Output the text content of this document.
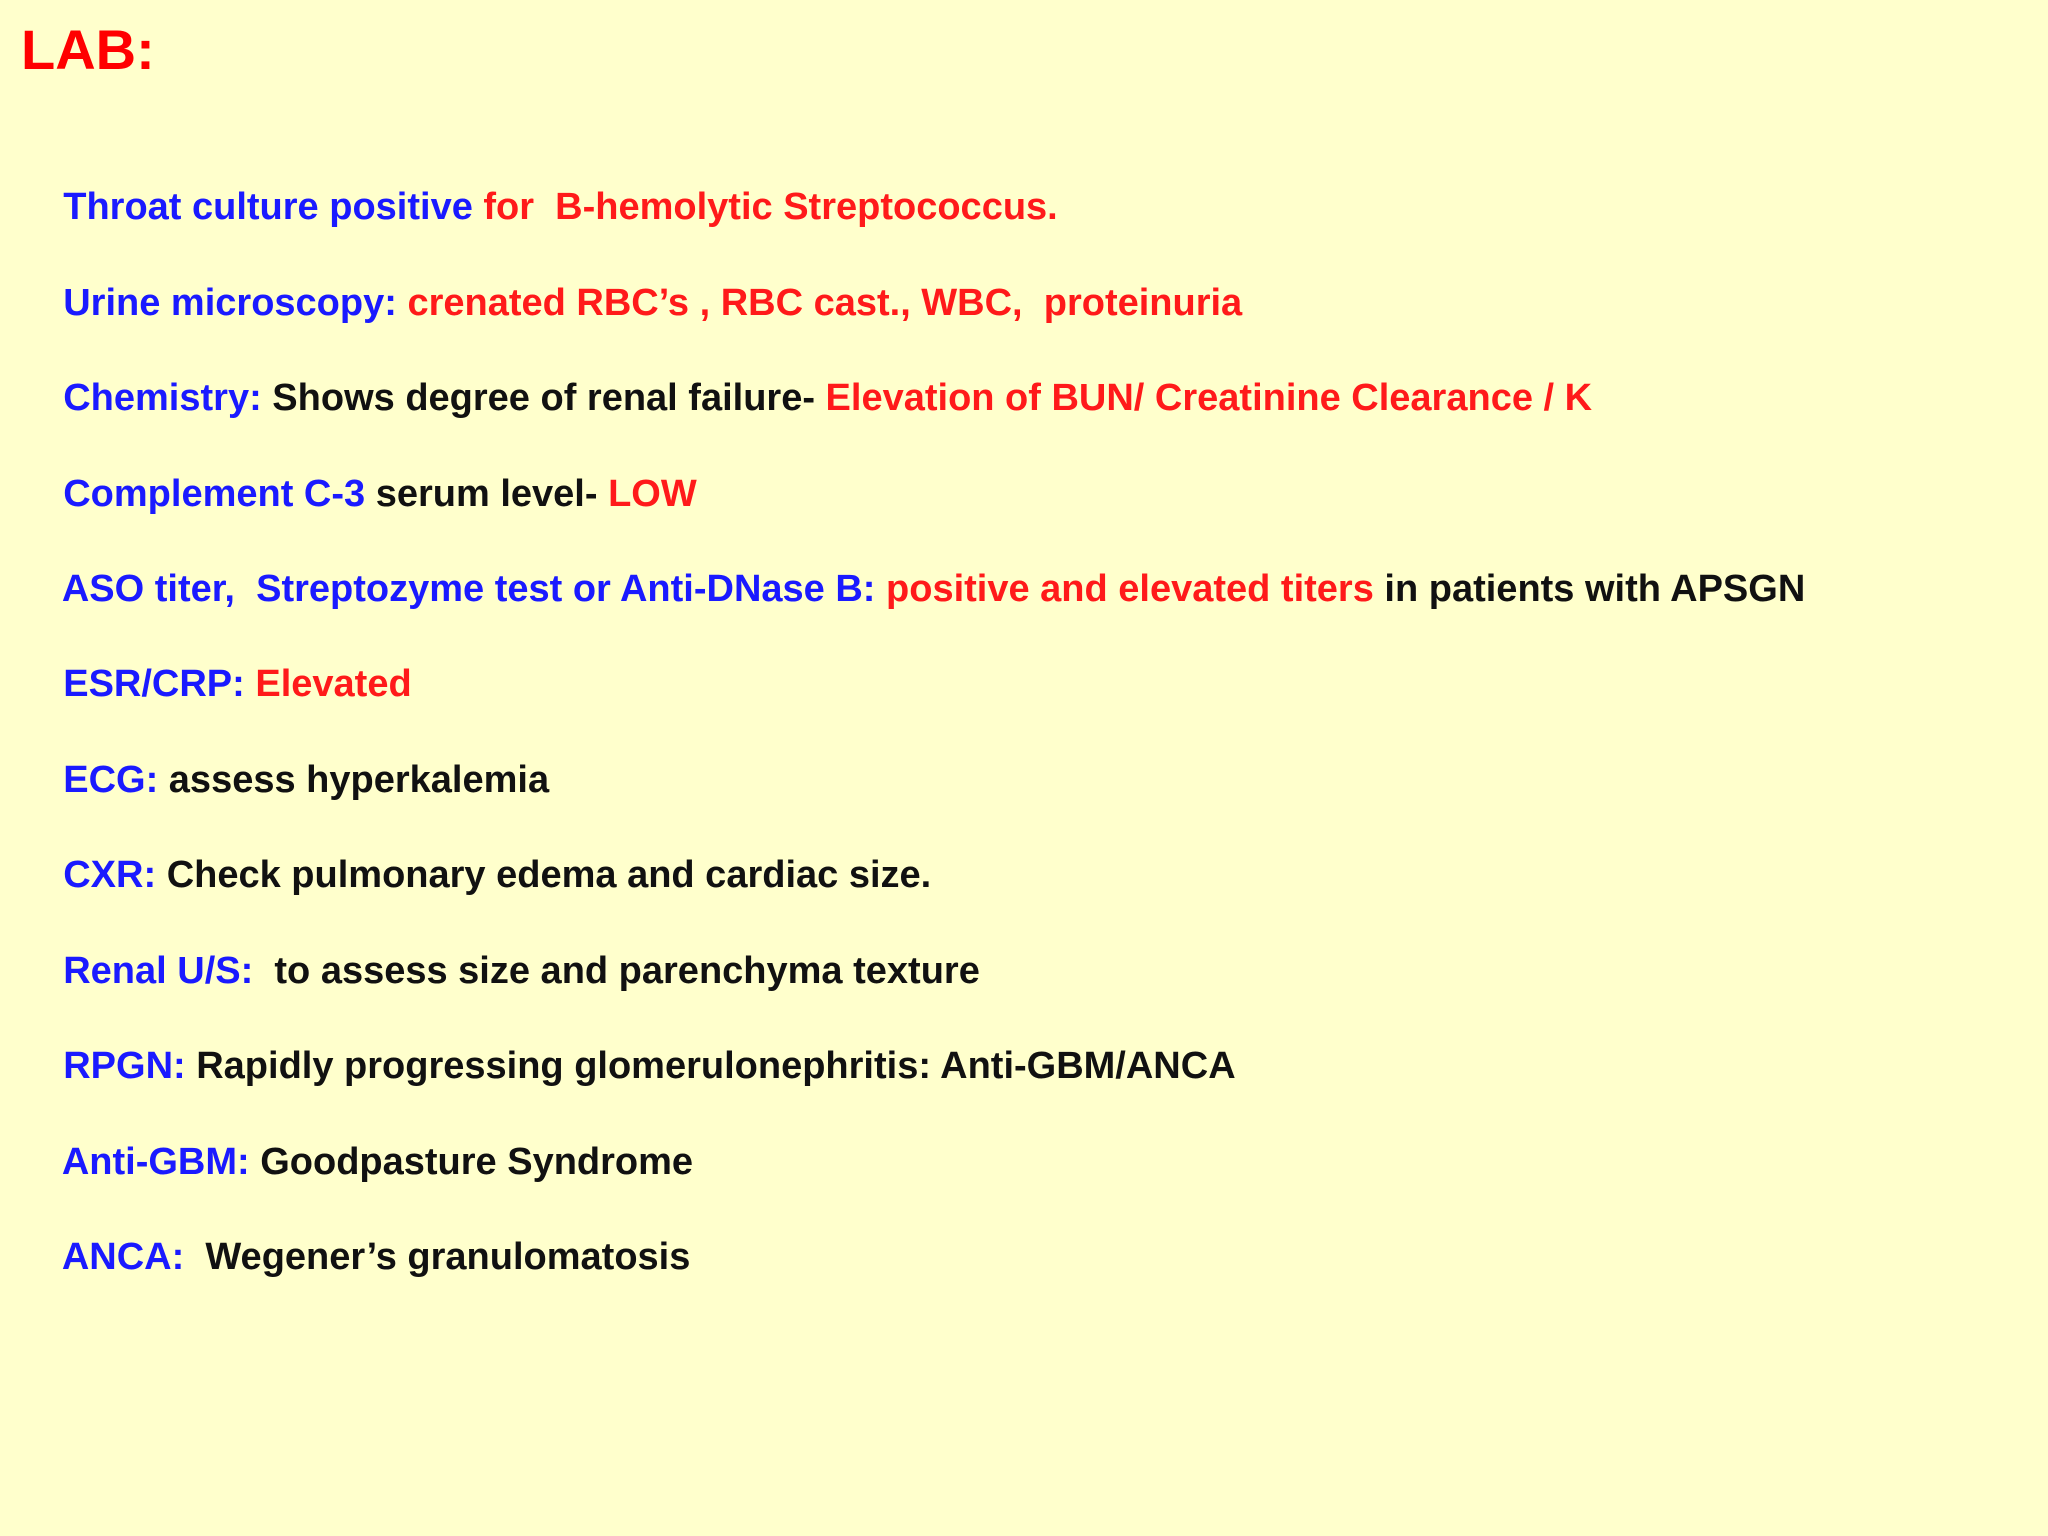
LAB:

Throat culture positive for  B-hemolytic Streptococcus.

Urine microscopy: crenated RBC’s , RBC cast., WBC,  proteinuria

Chemistry: Shows degree of renal failure- Elevation of BUN/ Creatinine Clearance / K

Complement C-3 serum level- LOW

ASO titer,  Streptozyme test or Anti-DNase B: positive and elevated titers in patients with APSGN

ESR/CRP: Elevated

ECG: assess hyperkalemia

CXR: Check pulmonary edema and cardiac size.

Renal U/S:  to assess size and parenchyma texture

RPGN: Rapidly progressing glomerulonephritis: Anti-GBM/ANCA

Anti-GBM: Goodpasture Syndrome

ANCA:  Wegener’s granulomatosis
